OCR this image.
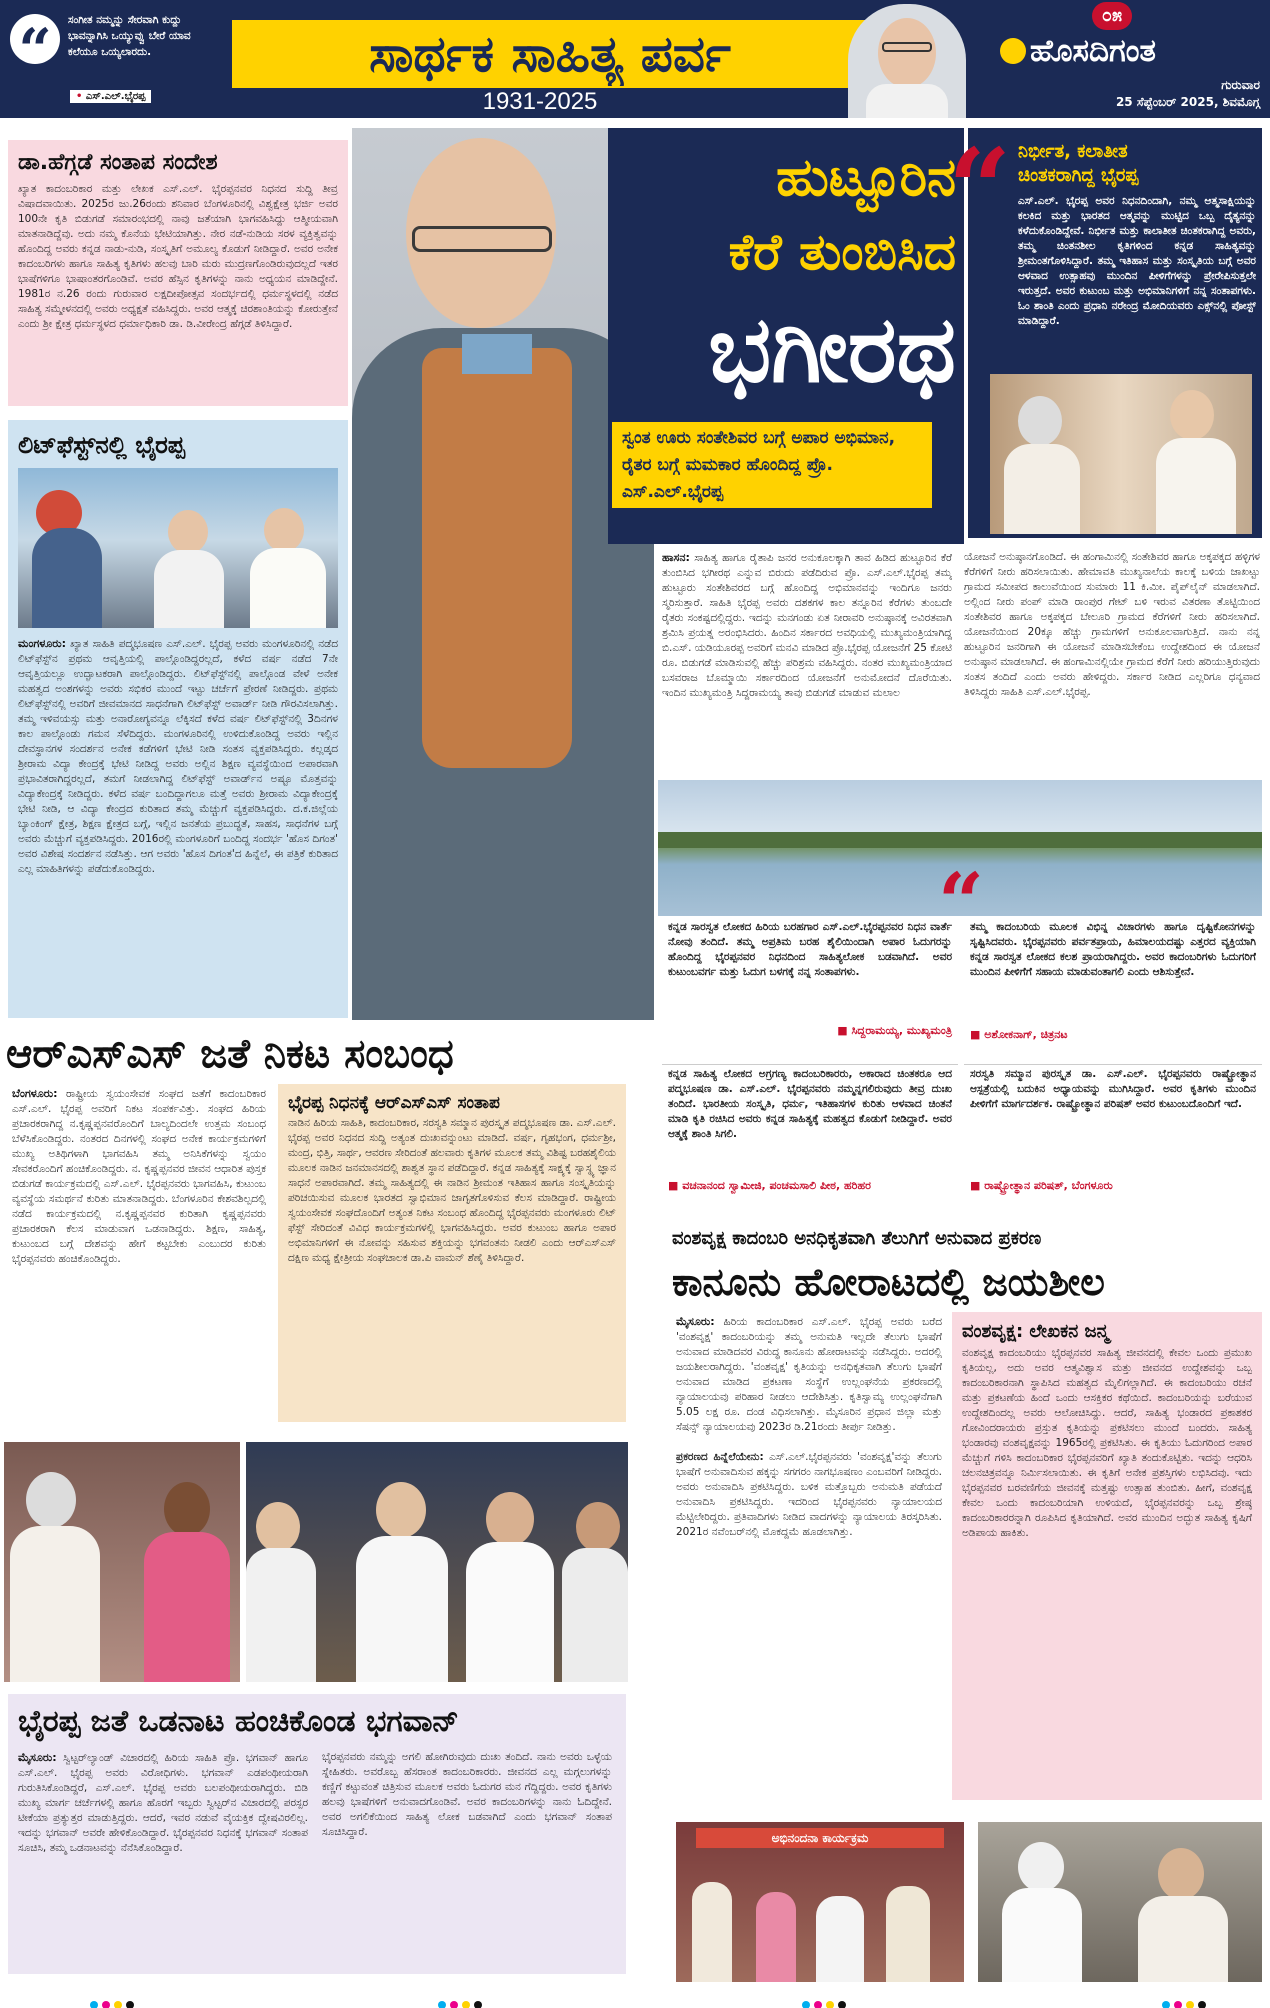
“	ಸಂಗೀತ ನಮ್ಮನ್ನು ಸೇರವಾಗಿ ಕುದ್ದು ಭಾವನ್ನಾಗಿಸಿ ಒಯ್ಯುವ್ವು ಬೇರೆ ಯಾವ ಕಲೆಯೂ ಒಯ್ಯಲಾರದು.
• ಎಸ್.ಎಲ್.ಭೈರಪ್ಪ
ಸಾರ್ಥಕ ಸಾಹಿತ್ಯ ಪರ್ವ
1931-2025
೦೫
ಹೊಸದಿಗಂತ
ಗುರುವಾರ
25 ಸೆಪ್ಟೆಂಬರ್ 2025, ಶಿವಮೊಗ್ಗ
ಡಾ.ಹೆಗ್ಗಡೆ ಸಂತಾಪ ಸಂದೇಶ
ಖ್ಯಾತ ಕಾದಂಬರಿಕಾರ ಮತ್ತು ಲೇಖಕ ಎಸ್.ಎಲ್. ಭೈರಪ್ಪನವರ ನಿಧನದ ಸುದ್ದಿ ತೀವ್ರ ವಿಷಾದವಾಯಿತು. 2025ರ ಜು.26ರಂದು ಶನಿವಾರ ಬೆಂಗಳೂರಿನಲ್ಲಿ ವಿಶ್ವಕ್ಷೇತ್ರ ಭರ್ಜಿ ಅವರ 100ನೇ ಕೃತಿ ಬಿಡುಗಡೆ ಸಮಾರಂಭದಲ್ಲಿ ನಾವು ಜತೆಯಾಗಿ ಭಾಗವಹಿಸಿದ್ದು ಆತ್ಮೀಯವಾಗಿ ಮಾತನಾಡಿದ್ದೆವು. ಅದು ನಮ್ಮ ಕೊನೆಯ ಭೇಟಿಯಾಗಿತ್ತು. ನೇರ ನಡೆ-ನುಡಿಯ ಸರಳ ವ್ಯಕ್ತಿತ್ವವನ್ನು ಹೊಂದಿದ್ದ ಅವರು ಕನ್ನಡ ನಾಡು-ನುಡಿ, ಸಂಸ್ಕೃತಿಗೆ ಅಮೂಲ್ಯ ಕೊಡುಗೆ ನೀಡಿದ್ದಾರೆ. ಅವರ ಅನೇಕ ಕಾದಂಬರಿಗಳು ಹಾಗೂ ಸಾಹಿತ್ಯ ಕೃತಿಗಳು ಹಲವು ಬಾರಿ ಮರು ಮುದ್ರಣಗೊಂಡಿರುವುದಲ್ಲದೆ ಇತರ ಭಾಷೆಗಳಿಗೂ ಭಾಷಾಂತರಗೊಂಡಿವೆ. ಅವರ ಹೆಸ್ಸಿನ ಕೃತಿಗಳನ್ನು ನಾನು ಅಧ್ಯಯನ ಮಾಡಿದ್ದೇನೆ. 1981ರ ನ.26 ರಂದು ಗುರುವಾರ ಲಕ್ಷದೀಪೋತ್ಸವ ಸಂದರ್ಭದಲ್ಲಿ ಧರ್ಮಸ್ಥಳದಲ್ಲಿ ನಡೆದ ಸಾಹಿತ್ಯ ಸಮ್ಮೇಳನದಲ್ಲಿ ಅವರು ಅಧ್ಯಕ್ಷತೆ ವಹಿಸಿದ್ದರು. ಅವರ ಆತ್ಮಕ್ಕೆ ಚಿರಶಾಂತಿಯನ್ನು ಕೋರುತ್ತೇನೆ ಎಂದು ಶ್ರೀ ಕ್ಷೇತ್ರ ಧರ್ಮಸ್ಥಳದ ಧರ್ಮಾಧಿಕಾರಿ ಡಾ. ಡಿ.ವೀರೇಂದ್ರ ಹೆಗ್ಗಡೆ ತಿಳಿಸಿದ್ದಾರೆ.
ಲಿಟ್‌ಫೆಸ್ಟ್‌ನಲ್ಲಿ ಭೈರಪ್ಪ
ಮಂಗಳೂರು: ಖ್ಯಾತ ಸಾಹಿತಿ ಪದ್ಮಭೂಷಣ ಎಸ್.ಎಲ್. ಭೈರಪ್ಪ ಅವರು ಮಂಗಳೂರಿನಲ್ಲಿ ನಡೆದ ಲಿಟ್‌ಫೆಸ್ಟ್‌ನ ಪ್ರಥಮ ಆವೃತ್ತಿಯಲ್ಲಿ ಪಾಲ್ಗೊಂಡಿದ್ದರಲ್ಲದೆ, ಕಳೆದ ವರ್ಷ ನಡೆದ 7ನೇ ಆವೃತ್ತಿಯಲ್ಲೂ ಉದ್ಘಾಟಕರಾಗಿ ಪಾಲ್ಗೊಂಡಿದ್ದರು. ಲಿಟ್‌ಫೆಸ್ಟ್‌ನಲ್ಲಿ ಪಾಲ್ಗೊಂಡ ವೇಳೆ ಅನೇಕ ಮಹತ್ವದ ಅಂಶಗಳನ್ನು ಅವರು ಸಭಿಕರ ಮುಂದೆ ಇಟ್ಟು ಚರ್ಚೆಗೆ ಪ್ರೇರಣೆ ನೀಡಿದ್ದರು. ಪ್ರಥಮ ಲಿಟ್‌ಫೆಸ್ಟ್‌ನಲ್ಲಿ ಅವರಿಗೆ ಜೀವಮಾನದ ಸಾಧನೆಗಾಗಿ ಲಿಟ್‌ಫೆಸ್ಟ್ ಅವಾರ್ಡ್ ನೀಡಿ ಗೌರವಿಸಲಾಗಿತ್ತು. ತಮ್ಮ ಇಳಿವಯಸ್ಸು ಮತ್ತು ಅನಾರೋಗ್ಯವನ್ನೂ ಲೆಕ್ಕಿಸದೆ ಕಳೆದ ವರ್ಷ ಲಿಟ್‌ಫೆಸ್ಟ್‌ನಲ್ಲಿ 3ದಿನಗಳ ಕಾಲ ಪಾಲ್ಗೊಂಡು ಗಮನ ಸೆಳೆದಿದ್ದರು. ಮಂಗಳೂರಿನಲ್ಲಿ ಉಳಿದುಕೊಂಡಿದ್ದ ಅವರು ಇಲ್ಲಿನ ದೇವಸ್ಥಾನಗಳ ಸಂದರ್ಶನ ಅನೇಕ ಕಡೆಗಳಿಗೆ ಭೇಟಿ ನೀಡಿ ಸಂತಸ ವ್ಯಕ್ತಪಡಿಸಿದ್ದರು. ಕಲ್ಲಡ್ಕದ ಶ್ರೀರಾಮ ವಿದ್ಯಾ ಕೇಂದ್ರಕ್ಕೆ ಭೇಟಿ ನೀಡಿದ್ದ ಅವರು ಅಲ್ಲಿನ ಶಿಕ್ಷಣ ವ್ಯವಸ್ಥೆಯಿಂದ ಅಪಾರವಾಗಿ ಪ್ರಭಾವಿತರಾಗಿದ್ದರಲ್ಲದೆ, ತಮಗೆ ನೀಡಲಾಗಿದ್ದ ಲಿಟ್‌ಫೆಸ್ಟ್ ಅವಾರ್ಡ್‌ನ ಅಷ್ಟೂ ಮೊತ್ತವನ್ನು ವಿದ್ಯಾಕೇಂದ್ರಕ್ಕೆ ನೀಡಿದ್ದರು. ಕಳೆದ ವರ್ಷ ಬಂದಿದ್ದಾಗಲೂ ಮತ್ತೆ ಅವರು ಶ್ರೀರಾಮ ವಿದ್ಯಾಕೇಂದ್ರಕ್ಕೆ ಭೇಟಿ ನೀಡಿ, ಆ ವಿದ್ಯಾ ಕೇಂದ್ರದ ಕುರಿತಾದ ತಮ್ಮ ಮೆಚ್ಚುಗೆ ವ್ಯಕ್ತಪಡಿಸಿದ್ದರು. ದ.ಕ.ಜಿಲ್ಲೆಯ ಬ್ಯಾಂಕಿಂಗ್ ಕ್ಷೇತ್ರ, ಶಿಕ್ಷಣ ಕ್ಷೇತ್ರದ ಬಗ್ಗೆ, ಇಲ್ಲಿನ ಜನತೆಯ ಪ್ರಬುದ್ಧತೆ, ಸಾಹಸ, ಸಾಧನೆಗಳ ಬಗ್ಗೆ ಅವರು ಮೆಚ್ಚುಗೆ ವ್ಯಕ್ತಪಡಿಸಿದ್ದರು. 2016ರಲ್ಲಿ ಮಂಗಳೂರಿಗೆ ಬಂದಿದ್ದ ಸಂದರ್ಭ 'ಹೊಸ ದಿಗಂತ' ಅವರ ವಿಶೇಷ ಸಂದರ್ಶನ ನಡೆಸಿತ್ತು. ಆಗ ಅವರು 'ಹೊಸ ದಿಗಂತ'ದ ಹಿನ್ನೆಲೆ, ಈ ಪತ್ರಿಕೆ ಕುರಿತಾದ ಎಲ್ಲ ಮಾಹಿತಿಗಳನ್ನು ಪಡೆದುಕೊಂಡಿದ್ದರು.
ಹುಟ್ಟೂರಿನ
ಕೆರೆ ತುಂಬಿಸಿದ
ಭಗೀರಥ
ಸ್ವಂತ ಊರು ಸಂತೇಶಿವರ ಬಗ್ಗೆ ಅಪಾರ ಅಭಿಮಾನ, ರೈತರ ಬಗ್ಗೆ ಮಮಕಾರ ಹೊಂದಿದ್ದ ಪ್ರೊ. ಎಸ್.ಎಲ್.ಭೈರಪ್ಪ
“ ನಿರ್ಭೀತ, ಕಲಾತೀತ
ಚಿಂತಕರಾಗಿದ್ದ ಭೈರಪ್ಪ
ಎಸ್.ಎಲ್. ಭೈರಪ್ಪ ಅವರ ನಿಧನದಿಂದಾಗಿ, ನಮ್ಮ ಆತ್ಮಸಾಕ್ಷಿಯನ್ನು ಕಲಕಿದ ಮತ್ತು ಭಾರತದ ಆತ್ಮವನ್ನು ಮುಟ್ಟಿದ ಒಬ್ಬ ದೈತ್ಯನನ್ನು ಕಳೆದುಕೊಂಡಿದ್ದೇವೆ. ನಿರ್ಭೀತ ಮತ್ತು ಕಾಲಾತೀತ ಚಿಂತಕರಾಗಿದ್ದ ಅವರು, ತಮ್ಮ ಚಿಂತನಶೀಲ ಕೃತಿಗಳಿಂದ ಕನ್ನಡ ಸಾಹಿತ್ಯವನ್ನು ಶ್ರೀಮಂತಗೊಳಿಸಿದ್ದಾರೆ. ತಮ್ಮ ಇತಿಹಾಸ ಮತ್ತು ಸಂಸ್ಕೃತಿಯ ಬಗ್ಗೆ ಅವರ ಆಳವಾದ ಉತ್ಸಾಹವು ಮುಂದಿನ ಪೀಳಿಗೆಗಳನ್ನು ಪ್ರೇರೇಪಿಸುತ್ತಲೇ ಇರುತ್ತದೆ. ಅವರ ಕುಟುಂಬ ಮತ್ತು ಅಭಿಮಾನಿಗಳಿಗೆ ನನ್ನ ಸಂತಾಪಗಳು. ಓಂ ಶಾಂತಿ ಎಂದು ಪ್ರಧಾನಿ ನರೇಂದ್ರ ಮೋದಿಯವರು ಎಕ್ಸ್‌ನಲ್ಲಿ ಪೋಸ್ಟ್ ಮಾಡಿದ್ದಾರೆ.
ಹಾಸನ: ಸಾಹಿತ್ಯ ಹಾಗೂ ರೈತಾಪಿ ಜನರ ಅನುಕೂಲಕ್ಕಾಗಿ ತಾವ ಹಿಡಿದ ಹುಟ್ಟೂರಿನ ಕೆರೆ ತುಂಬಿಸಿದ ಭಗೀರಥ ಎನ್ನುವ ಬಿರುದು ಪಡೆದಿರುವ ಪ್ರೊ. ಎಸ್.ಎಲ್.ಭೈರಪ್ಪ ತಮ್ಮ ಹುಟ್ಟೂರು ಸಂತೇಶಿವರದ ಬಗ್ಗೆ ಹೊಂದಿದ್ದ ಅಭಿಮಾನವನ್ನು ಇಂದಿಗೂ ಜನರು ಸ್ಮರಿಸುತ್ತಾರೆ. ಸಾಹಿತಿ ಭೈರಪ್ಪ ಅವರು ದಶಕಗಳ ಕಾಲ ತನ್ನೂರಿನ ಕೆರೆಗಳು ತುಂಬದೇ ರೈತರು ಸಂಕಷ್ಟದಲ್ಲಿದ್ದರು. ಇದನ್ನು ಮನಗಂಡು ಏತ ನೀರಾವರಿ ಅನುಷ್ಠಾನಕ್ಕೆ ಅವಿರತವಾಗಿ ಶ್ರಮಿಸಿ ಪ್ರಯತ್ನ ಅರಂಭಿಸಿದರು. ಹಿಂದಿನ ಸರ್ಕಾರದ ಅವಧಿಯಲ್ಲಿ ಮುಖ್ಯಮಂತ್ರಿಯಾಗಿದ್ದ ಬಿ.ಎಸ್. ಯಡಿಯೂರಪ್ಪ ಅವರಿಗೆ ಮನವಿ ಮಾಡಿದ ಪ್ರೊ.ಭೈರಪ್ಪ ಯೋಜನೆಗೆ 25 ಕೋಟಿ ರೂ. ಬಿಡುಗಡೆ ಮಾಡಿಸುವಲ್ಲಿ ಹೆಚ್ಚು ಪರಿಶ್ರಮ ವಹಿಸಿದ್ದರು. ನಂತರ ಮುಖ್ಯಮಂತ್ರಿಯಾದ ಬಸವರಾಜ ಬೊಮ್ಮಾಯಿ ಸರ್ಕಾರದಿಂದ ಯೋಜನೆಗೆ ಅನುಮೋದನೆ ದೊರೆಯಿತು. ಇಂದಿನ ಮುಖ್ಯಮಂತ್ರಿ ಸಿದ್ದರಾಮಯ್ಯ ತಾವು ಬಿಡುಗಡೆ ಮಾಡುವ ಮಲಾಲ
ಯೋಜನೆ ಅನುಷ್ಠಾನಗೊಂಡಿದೆ. ಈ ಹಂಗಾಮಿನಲ್ಲಿ ಸಂತೇಶಿವರ ಹಾಗೂ ಅಕ್ಕಪಕ್ಕದ ಹಳ್ಳಿಗಳ ಕೆರೆಗಳಿಗೆ ನೀರು ಹರಿಸಲಾಯಿತು. ಹೇಮಾವತಿ ಮುಖ್ಯನಾಲೆಯ ಕಾಲಕ್ಕೆ ಬಳಿಯ ಜಾಖಟ್ಟು ಗ್ರಾಮದ ಸಮೀಪದ ಕಾಲುವೆಯಿಂದ ಸುಮಾರು 11 ಕಿ.ಮೀ. ಪೈಪ್‌ಲೈನ್ ಮಾಡಲಾಗಿದೆ. ಅಲ್ಲಿಂದ ನೀರು ಪಂಪ್ ಮಾಡಿ ರಾಂಪುರ ಗೇಟ್ ಬಳಿ ಇರುವ ವಿತರಣಾ ತೊಟ್ಟಿಯಿಂದ ಸಂತೇಶಿವರ ಹಾಗೂ ಅಕ್ಕಪಕ್ಕದ ಬೇಲೂರಿ ಗ್ರಾಮದ ಕೆರೆಗಳಿಗೆ ನೀರು ಹರಿಸಲಾಗಿದೆ. ಯೋಜನೆಯಿಂದ 20ಕ್ಕೂ ಹೆಚ್ಚು ಗ್ರಾಮಗಳಿಗೆ ಅನುಕೂಲವಾಗುತ್ತಿದೆ. ನಾನು ನನ್ನ ಹುಟ್ಟೂರಿನ ಜನರಿಗಾಗಿ ಈ ಯೋಜನೆ ಮಾಡಿಸಬೇಕೆಂಬ ಉದ್ದೇಶದಿಂದ ಈ ಯೋಜನೆ ಅನುಷ್ಠಾನ ಮಾಡಲಾಗಿದೆ. ಈ ಹಂಗಾಮಿನಲ್ಲಿಯೇ ಗ್ರಾಮದ ಕೆರೆಗೆ ನೀರು ಹರಿಯುತ್ತಿರುವುದು ಸಂತಸ ತಂದಿದೆ ಎಂದು ಅವರು ಹೇಳಿದ್ದರು. ಸರ್ಕಾರ ನೀಡಿದ ಎಲ್ಲರಿಗೂ ಧನ್ಯವಾದ ತಿಳಿಸಿದ್ದರು ಸಾಹಿತಿ ಎಸ್.ಎಲ್.ಭೈರಪ್ಪ.
“
ಕನ್ನಡ ಸಾರಸ್ವತ ಲೋಕದ ಹಿರಿಯ ಬರಹಗಾರ ಎಸ್.ಎಲ್.ಭೈರಪ್ಪನವರ ನಿಧನ ವಾರ್ತೆ ನೋವು ತಂದಿದೆ. ತಮ್ಮ ಅಪ್ರತಿಮ ಬರಹ ಶೈಲಿಯಿಂದಾಗಿ ಅಪಾರ ಓದುಗರನ್ನು ಹೊಂದಿದ್ದ ಭೈರಪ್ಪನವರ ನಿಧನದಿಂದ ಸಾಹಿತ್ಯಲೋಕ ಬಡವಾಗಿದೆ. ಅವರ ಕುಟುಂಬವರ್ಗ ಮತ್ತು ಓದುಗ ಬಳಗಕ್ಕೆ ನನ್ನ ಸಂತಾಪಗಳು.
■ ಸಿದ್ದರಾಮಯ್ಯ, ಮುಖ್ಯಮಂತ್ರಿ
ತಮ್ಮ ಕಾದಂಬರಿಯ ಮೂಲಕ ವಿಭಿನ್ನ ವಿಚಾರಗಳು ಹಾಗೂ ದೃಷ್ಟಿಕೋನಗಳನ್ನು ಸೃಷ್ಟಿಸಿದವರು. ಭೈರಪ್ಪನವರು ಪರ್ವತಪ್ರಾಯ, ಹಿಮಾಲಯದಷ್ಟು ಎತ್ತರದ ವ್ಯಕ್ತಿಯಾಗಿ ಕನ್ನಡ ಸಾರಸ್ವತ ಲೋಕದ ಕಲಶ ಪ್ರಾಯರಾಗಿದ್ದರು. ಅವರ ಕಾದಂಬರಿಗಳು ಓದುಗರಿಗೆ ಮುಂದಿನ ಪೀಳಿಗೆಗೆ ಸಹಾಯ ಮಾಡುವಂತಾಗಲಿ ಎಂದು ಆಶಿಸುತ್ತೇನೆ.
■ ಅಶೋಕನಾಗ್, ಚಿತ್ರನಟ
ಕನ್ನಡ ಸಾಹಿತ್ಯ ಲೋಕದ ಅಗ್ರಗಣ್ಯ ಕಾದಂಬರಿಕಾರರು, ಅಕಾರಾದ ಚಿಂತಕರೂ ಆದ ಪದ್ಮಭೂಷಣ ಡಾ. ಎಸ್.ಎಲ್. ಭೈರಪ್ಪನವರು ನಮ್ಮನ್ನಗಲಿರುವುದು ತೀವ್ರ ದುಃಖ ತಂದಿದೆ. ಭಾರತೀಯ ಸಂಸ್ಕೃತಿ, ಧರ್ಮ, ಇತಿಹಾಸಗಳ ಕುರಿತು ಆಳವಾದ ಚಿಂತನೆ ಮಾಡಿ ಕೃತಿ ರಚಿಸಿದ ಅವರು ಕನ್ನಡ ಸಾಹಿತ್ಯಕ್ಕೆ ಮಹತ್ವದ ಕೊಡುಗೆ ನೀಡಿದ್ದಾರೆ. ಅವರ ಆತ್ಮಕ್ಕೆ ಶಾಂತಿ ಸಿಗಲಿ.
■ ವಚನಾನಂದ ಸ್ವಾಮೀಜಿ, ಪಂಚಮಸಾಲಿ ಪೀಠ, ಹರಿಹರ
ಸರಸ್ವತಿ ಸಮ್ಮಾನ ಪುರಸ್ಕೃತ ಡಾ. ಎಸ್.ಎಲ್. ಭೈರಪ್ಪನವರು ರಾಷ್ಟ್ರೋತ್ಥಾನ ಆಸ್ಪತ್ರೆಯಲ್ಲಿ ಬದುಕಿನ ಅಧ್ಯಾಯವನ್ನು ಮುಗಿಸಿದ್ದಾರೆ. ಅವರ ಕೃತಿಗಳು ಮುಂದಿನ ಪೀಳಿಗೆಗೆ ಮಾರ್ಗದರ್ಶಕ. ರಾಷ್ಟ್ರೋತ್ಥಾನ ಪರಿಷತ್ ಅವರ ಕುಟುಂಬದೊಂದಿಗೆ ಇದೆ.
■ ರಾಷ್ಟ್ರೋತ್ಥಾನ ಪರಿಷತ್, ಬೆಂಗಳೂರು
ಆರ್‌ಎಸ್‌ಎಸ್ ಜತೆ ನಿಕಟ ಸಂಬಂಧ
ಬೆಂಗಳೂರು: ರಾಷ್ಟ್ರೀಯ ಸ್ವಯಂಸೇವಕ ಸಂಘದ ಜತೆಗೆ ಕಾದಂಬರಿಕಾರ ಎಸ್.ಎಲ್. ಭೈರಪ್ಪ ಅವರಿಗೆ ನಿಕಟ ಸಂಪರ್ಕವಿತ್ತು. ಸಂಘದ ಹಿರಿಯ ಪ್ರಚಾರಕರಾಗಿದ್ದ ನ.ಕೃಷ್ಣಪ್ಪನವರೊಂದಿಗೆ ಬಾಲ್ಯದಿಂದಲೇ ಉತ್ತಮ ಸಂಬಂಧ ಬೆಳೆಸಿಕೊಂಡಿದ್ದರು. ನಂತರದ ದಿನಗಳಲ್ಲಿ ಸಂಘದ ಅನೇಕ ಕಾರ್ಯಕ್ರಮಗಳಿಗೆ ಮುಖ್ಯ ಅತಿಥಿಗಳಾಗಿ ಭಾಗವಹಿಸಿ ತಮ್ಮ ಅನಿಸಿಕೆಗಳನ್ನು ಸ್ವಯಂ ಸೇವಕರೊಂದಿಗೆ ಹಂಚಿಕೊಂಡಿದ್ದರು. ನ. ಕೃಷ್ಣಪ್ಪನವರ ಜೀವನ ಆಧಾರಿತ ಪುಸ್ತಕ ಬಿಡುಗಡೆ ಕಾರ್ಯಕ್ರಮದಲ್ಲಿ ಎಸ್.ಎಲ್. ಭೈರಪ್ಪನವರು ಭಾಗವಹಿಸಿ, ಕುಟುಂಬ ವ್ಯವಸ್ಥೆಯ ಸಮರ್ಥನೆ ಕುರಿತು ಮಾತನಾಡಿದ್ದರು. ಬೆಂಗಳೂರಿನ ಕೇಶವಶಿಲ್ಪದಲ್ಲಿ ನಡೆದ ಕಾರ್ಯಕ್ರಮದಲ್ಲಿ ನ.ಕೃಷ್ಣಪ್ಪನವರ ಕುರಿತಾಗಿ ಕೃಷ್ಣಪ್ಪನವರು ಪ್ರಚಾರಕರಾಗಿ ಕೆಲಸ ಮಾಡುವಾಗ ಒಡನಾಡಿದ್ದರು. ಶಿಕ್ಷಣ, ಸಾಹಿತ್ಯ, ಕುಟುಂಬದ ಬಗ್ಗೆ ದೇಶವನ್ನು ಹೇಗೆ ಕಟ್ಟಬೇಕು ಎಂಬುದರ ಕುರಿತು ಭೈರಪ್ಪನವರು ಹಂಚಿಕೊಂಡಿದ್ದರು.
ಭೈರಪ್ಪ ನಿಧನಕ್ಕೆ ಆರ್‌ಎಸ್‌ಎಸ್ ಸಂತಾಪ
ನಾಡಿನ ಹಿರಿಯ ಸಾಹಿತಿ, ಕಾದಂಬರಿಕಾರ, ಸರಸ್ವತಿ ಸಮ್ಮಾನ ಪುರಸ್ಕೃತ ಪದ್ಮಭೂಷಣ ಡಾ. ಎಸ್.ಎಲ್. ಭೈರಪ್ಪ ಅವರ ನಿಧನದ ಸುದ್ದಿ ಅತ್ಯಂತ ದುಃಖವನ್ನುಂಟು ಮಾಡಿದೆ. ವರ್ಷ, ಗೃಹಭಂಗ, ಧರ್ಮಶ್ರೀ, ಮಂದ್ರ, ಭಿತ್ತಿ, ಸಾರ್ಥ, ಆವರಣ ಸೇರಿದಂತೆ ಹಲವಾರು ಕೃತಿಗಳ ಮೂಲಕ ತಮ್ಮ ವಿಶಿಷ್ಟ ಬರಹಶೈಲಿಯ ಮೂಲಕ ನಾಡಿನ ಜನಮಾನಸದಲ್ಲಿ ಶಾಶ್ವತ ಸ್ಥಾನ ಪಡೆದಿದ್ದಾರೆ. ಕನ್ನಡ ಸಾಹಿತ್ಯಕ್ಕೆ ಸಾಕ್ಷ್ಯಕ್ಕೆ ಸ್ವಾಸ್ಥ್ಯ ಜ್ಞಾನ ಸಾಧನೆ ಅಪಾರವಾಗಿದೆ. ತಮ್ಮ ಸಾಹಿತ್ಯದಲ್ಲಿ ಈ ನಾಡಿನ ಶ್ರೀಮಂತ ಇತಿಹಾಸ ಹಾಗೂ ಸಂಸ್ಕೃತಿಯನ್ನು ಪರಿಚಯಿಸುವ ಮೂಲಕ ಭಾರತದ ಸ್ವಾಭಿಮಾನ ಜಾಗೃತಗೊಳಿಸುವ ಕೆಲಸ ಮಾಡಿದ್ದಾರೆ. ರಾಷ್ಟ್ರೀಯ ಸ್ವಯಂಸೇವಕ ಸಂಘದೊಂದಿಗೆ ಅತ್ಯಂತ ನಿಕಟ ಸಂಬಂಧ ಹೊಂದಿದ್ದ ಭೈರಪ್ಪನವರು ಮಂಗಳೂರು ಲಿಟ್ ಫೆಸ್ಟ್ ಸೇರಿದಂತೆ ವಿವಿಧ ಕಾರ್ಯಕ್ರಮಗಳಲ್ಲಿ ಭಾಗವಹಿಸಿದ್ದರು. ಅವರ ಕುಟುಂಬ ಹಾಗೂ ಅಪಾರ ಅಭಿಮಾನಿಗಳಿಗೆ ಈ ನೋವನ್ನು ಸಹಿಸುವ ಶಕ್ತಿಯನ್ನು ಭಗವಂತನು ನೀಡಲಿ ಎಂದು ಆರ್‌ಎಸ್‌ಎಸ್ ದಕ್ಷಿಣ ಮಧ್ಯ ಕ್ಷೇತ್ರೀಯ ಸಂಘಚಾಲಕ ಡಾ.ಪಿ ವಾಮನ್ ಶೆಣೈ ತಿಳಿಸಿದ್ದಾರೆ.
ಭೈರಪ್ಪ ಜತೆ ಒಡನಾಟ ಹಂಚಿಕೊಂಡ ಭಗವಾನ್
ಮೈಸೂರು: ಸ್ವಿಟ್ಟರ್‌ಲ್ಯಾಂಡ್ ವಿಚಾರದಲ್ಲಿ ಹಿರಿಯ ಸಾಹಿತಿ ಪ್ರೊ. ಭಗವಾನ್ ಹಾಗೂ ಎಸ್.ಎಲ್. ಭೈರಪ್ಪ ಅವರು ವಿರೋಧಿಗಳು. ಭಗವಾನ್ ಎಡಪಂಥೀಯರಾಗಿ ಗುರುತಿಸಿಕೊಂಡಿದ್ದರೆ, ಎಸ್.ಎಲ್. ಭೈರಪ್ಪ ಅವರು ಬಲಪಂಥೀಯರಾಗಿದ್ದರು. ಬಿಡಿ ಮುಖ್ಯ ಮಾರ್ಗ ಚರ್ಚೆಗಳಲ್ಲಿ ಹಾಗೂ ಹೊರಗೆ ಇಬ್ಬರು ಸ್ವಿಟ್ಟರ್‌ನ ವಿಚಾರದಲ್ಲಿ ಪರಸ್ಪರ ಟೀಕೆಯಾ ಪ್ರತ್ಯುತ್ತರ ಮಾಡುತ್ತಿದ್ದರು. ಆದರೆ, ಇವರ ನಡುವೆ ವೈಯಕ್ತಿಕ ದ್ವೇಷವಿರಲಿಲ್ಲ. ಇದನ್ನು ಭಗವಾನ್ ಅವರೇ ಹೇಳಿಕೊಂಡಿದ್ದಾರೆ. ಭೈರಪ್ಪನವರ ನಿಧನಕ್ಕೆ ಭಗವಾನ್ ಸಂತಾಪ ಸೂಚಿಸಿ, ತಮ್ಮ ಒಡನಾಟವನ್ನು ನೆನೆಸಿಕೊಂಡಿದ್ದಾರೆ.
ಭೈರಪ್ಪನವರು ನಮ್ಮನ್ನು ಅಗಲಿ ಹೋಗಿರುವುದು ದುಃಖ ತಂದಿದೆ. ನಾನು ಅವರು ಒಳ್ಳೆಯ ಸ್ನೇಹಿತರು. ಅವರೊಬ್ಬ ಹೆಸರಾಂತ ಕಾದಂಬರಿಕಾರರು. ಜೀವನದ ಎಲ್ಲ ಮಗ್ಗಲುಗಳನ್ನು ಕಣ್ಣಿಗೆ ಕಟ್ಟುವಂತೆ ಚಿತ್ರಿಸುವ ಮೂಲಕ ಅವರು ಓದುಗರ ಮನ ಗೆದ್ದಿದ್ದರು. ಅವರ ಕೃತಿಗಳು ಹಲವು ಭಾಷೆಗಳಿಗೆ ಅನುವಾದಗೊಂಡಿವೆ. ಅವರ ಕಾದಂಬರಿಗಳನ್ನು ನಾನು ಓದಿದ್ದೇನೆ. ಅವರ ಅಗಲಿಕೆಯಿಂದ ಸಾಹಿತ್ಯ ಲೋಕ ಬಡವಾಗಿದೆ ಎಂದು ಭಗವಾನ್ ಸಂತಾಪ ಸೂಚಿಸಿದ್ದಾರೆ.
ವಂಶವೃಕ್ಷ ಕಾದಂಬರಿ ಅನಧಿಕೃತವಾಗಿ ತೆಲುಗಿಗೆ ಅನುವಾದ ಪ್ರಕರಣ
ಕಾನೂನು ಹೋರಾಟದಲ್ಲಿ ಜಯಶೀಲ
ಮೈಸೂರು: ಹಿರಿಯ ಕಾದಂಬರಿಕಾರ ಎಸ್.ಎಲ್. ಭೈರಪ್ಪ ಅವರು ಬರೆದ 'ವಂಶವೃಕ್ಷ' ಕಾದಂಬರಿಯನ್ನು ತಮ್ಮ ಅನುಮತಿ ಇಲ್ಲದೇ ತೆಲುಗು ಭಾಷೆಗೆ ಅನುವಾದ ಮಾಡಿದವರ ವಿರುದ್ಧ ಕಾನೂನು ಹೋರಾಟವನ್ನು ನಡೆಸಿದ್ದರು. ಅದರಲ್ಲಿ ಜಯಶೀಲರಾಗಿದ್ದರು. 'ವಂಶವೃಕ್ಷ' ಕೃತಿಯನ್ನು ಅನಧಿಕೃತವಾಗಿ ತೆಲುಗು ಭಾಷೆಗೆ ಅನುವಾದ ಮಾಡಿದ ಪ್ರಕಟಣಾ ಸಂಸ್ಥೆಗೆ ಉಲ್ಲಂಘನೆಯ ಪ್ರಕರಣದಲ್ಲಿ ನ್ಯಾಯಾಲಯವು ಪರಿಹಾರ ನೀಡಲು ಆದೇಶಿಸಿತ್ತು. ಕೃತಿಸ್ವಾಮ್ಯ ಉಲ್ಲಂಘನೆಗಾಗಿ 5.05 ಲಕ್ಷ ರೂ. ದಂಡ ವಿಧಿಸಲಾಗಿತ್ತು. ಮೈಸೂರಿನ ಪ್ರಧಾನ ಜಿಲ್ಲಾ ಮತ್ತು ಸೆಷನ್ಸ್ ನ್ಯಾಯಾಲಯವು 2023ರ ಡಿ.21ರಂದು ತೀರ್ಪು ನೀಡಿತ್ತು.

ಪ್ರಕರಣದ ಹಿನ್ನೆಲೆಯೇನು: ಎಸ್.ಎಲ್.ಭೈರಪ್ಪನವರು 'ವಂಶವೃಕ್ಷ'ವನ್ನು ತೆಲುಗು ಭಾಷೆಗೆ ಅನುವಾದಿಸುವ ಹಕ್ಕನ್ನು ಸಗಗರಂ ನಾಗಭೂಷಣಂ ಎಂಬವರಿಗೆ ನೀಡಿದ್ದರು. ಅವರು ಅನುವಾದಿಸಿ ಪ್ರಕಟಿಸಿದ್ದರು. ಬಳಿಕ ಮತ್ತೊಬ್ಬರು ಅನುಮತಿ ಪಡೆಯದೆ ಅನುವಾದಿಸಿ ಪ್ರಕಟಿಸಿದ್ದರು. ಇದರಿಂದ ಭೈರಪ್ಪನವರು ನ್ಯಾಯಾಲಯದ ಮೆಟ್ಟಿಲೇರಿದ್ದರು. ಪ್ರತಿವಾದಿಗಳು ನೀಡಿದ ವಾದಗಳನ್ನು ನ್ಯಾಯಾಲಯ ತಿರಸ್ಕರಿಸಿತು. 2021ರ ನವೆಂಬರ್‌ನಲ್ಲಿ ಮೊಕದ್ದಮೆ ಹೂಡಲಾಗಿತ್ತು.
ವಂಶವೃಕ್ಷ: ಲೇಖಕನ ಜನ್ಮ
ವಂಶವೃಕ್ಷ ಕಾದಂಬರಿಯು ಭೈರಪ್ಪನವರ ಸಾಹಿತ್ಯ ಜೀವನದಲ್ಲಿ ಕೇವಲ ಒಂದು ಪ್ರಮುಖ ಕೃತಿಯಲ್ಲ, ಅದು ಅವರ ಆತ್ಮವಿಶ್ವಾಸ ಮತ್ತು ಜೀವನದ ಉದ್ದೇಶವನ್ನು ಒಬ್ಬ ಕಾದಂಬರಿಕಾರನಾಗಿ ಸ್ಥಾಪಿಸಿದ ಮಹತ್ವದ ಮೈಲಿಗಲ್ಲಾಗಿದೆ. ಈ ಕಾದಂಬರಿಯು ರಚನೆ ಮತ್ತು ಪ್ರಕಟಣೆಯ ಹಿಂದೆ ಒಂದು ಆಸಕ್ತಿಕರ ಕಥೆಯಿದೆ. ಕಾದಂಬರಿಯನ್ನು ಬರೆಯುವ ಉದ್ದೇಶದಿಂದಲ್ಲ ಅವರು ಆಲೋಚಿಸಿದ್ದು. ಆದರೆ, ಸಾಹಿತ್ಯ ಭಂಡಾರದ ಪ್ರಕಾಶಕರ ಗೋವಿಂದರಾಯರು ಪ್ರಸ್ತುತ ಕೃತಿಯನ್ನು ಪ್ರಕಟಿಸಲು ಮುಂದೆ ಬಂದರು. ಸಾಹಿತ್ಯ ಭಂಡಾರವು ವಂಶವೃಕ್ಷವನ್ನು 1965ರಲ್ಲಿ ಪ್ರಕಟಿಸಿತು. ಈ ಕೃತಿಯು ಓದುಗರಿಂದ ಅಪಾರ ಮೆಚ್ಚುಗೆ ಗಳಿಸಿ ಕಾದಂಬರಿಕಾರ ಭೈರಪ್ಪನವರಿಗೆ ಖ್ಯಾತಿ ತಂದುಕೊಟ್ಟಿತು. ಇದನ್ನು ಆಧರಿಸಿ ಚಲನಚಿತ್ರವನ್ನೂ ನಿರ್ಮಿಸಲಾಯಿತು. ಈ ಕೃತಿಗೆ ಅನೇಕ ಪ್ರಶಸ್ತಿಗಳು ಲಭಿಸಿದವು. ಇದು ಭೈರಪ್ಪನವರ ಬರವಣಿಗೆಯ ಜೀವನಕ್ಕೆ ಮತ್ತಷ್ಟು ಉತ್ಸಾಹ ತುಂಬಿತು. ಹೀಗೆ, ವಂಶವೃಕ್ಷ ಕೇವಲ ಒಂದು ಕಾದಂಬರಿಯಾಗಿ ಉಳಿಯದೆ, ಭೈರಪ್ಪನವರನ್ನು ಒಬ್ಬ ಶ್ರೇಷ್ಠ ಕಾದಂಬರಿಕಾರರನ್ನಾಗಿ ರೂಪಿಸಿದ ಕೃತಿಯಾಗಿದೆ. ಅವರ ಮುಂದಿನ ಅದ್ಭುತ ಸಾಹಿತ್ಯ ಕೃಷಿಗೆ ಅಡಿಪಾಯ ಹಾಕಿತು.
ಅಭಿನಂದನಾ ಕಾರ್ಯಕ್ರಮ
